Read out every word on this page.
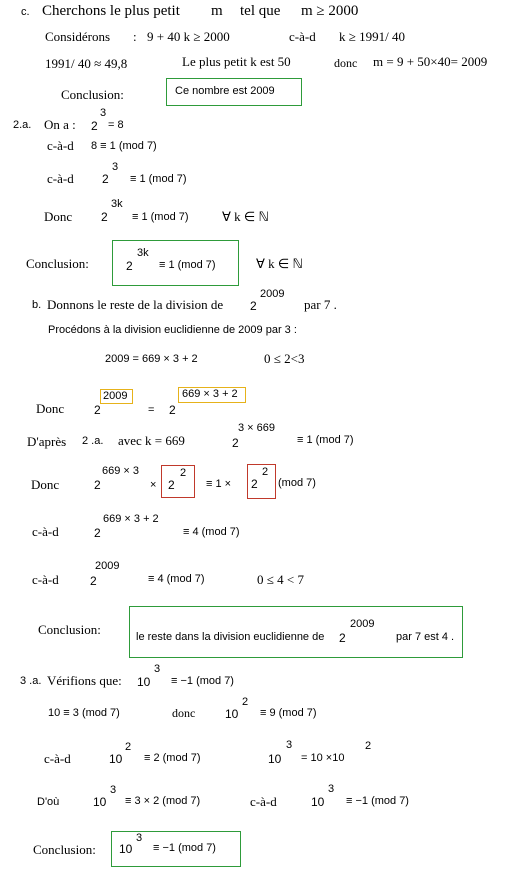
c. Cherchons le plus petit m tel que m ≥ 2000
Considérons : 9 + 40 k ≥ 2000	c-à-d k ≥ 1991/ 40
1991/ 40 ≈ 49,8	Le plus petit k est 50	donc m = 9 + 50×40= 2009
Conclusion:	Ce nombre est 2009
2.a. On a : 2
3
= 8
c-à-d 8 ≡ 1 (mod 7)
c-à-d 2
3
≡ 1 (mod 7)
Donc 2
3k
≡ 1 (mod 7)	∀ k ∈ ℕ
Conclusion:	2
3k
≡ 1 (mod 7)	∀ k ∈ ℕ
b. Donnons le reste de la division de 2
2009
par 7 .
Procédons à la division euclidienne de 2009 par 3 :
2009 = 669 × 3 + 2	0 ≤ 2<3
Donc 2
2009
= 2
669 × 3 + 2
D'après 2 .a. avec k = 669	2
3 × 669
≡ 1 (mod 7)
Donc	2
669 × 3
× 2
2
≡ 1 × 2
2
(mod 7)
c-à-d	2
669 × 3 + 2
≡ 4 (mod 7)
c-à-d	2
2009
≡ 4 (mod 7)	0 ≤ 4 < 7
Conclusion:	le reste dans la division euclidienne de 2
2009
par 7 est 4 .
3 .a. Vérifions que: 10
3
≡ −1 (mod 7)
10 ≡ 3 (mod 7)	donc 10
2
≡ 9 (mod 7)
c-à-d	10
2
≡ 2 (mod 7)	10
3
= 10 ×10
2
D'où	10
3
≡ 3 × 2 (mod 7)	c-à-d	10
3
≡ −1 (mod 7)
Conclusion: 10
3
≡ −1 (mod 7)
